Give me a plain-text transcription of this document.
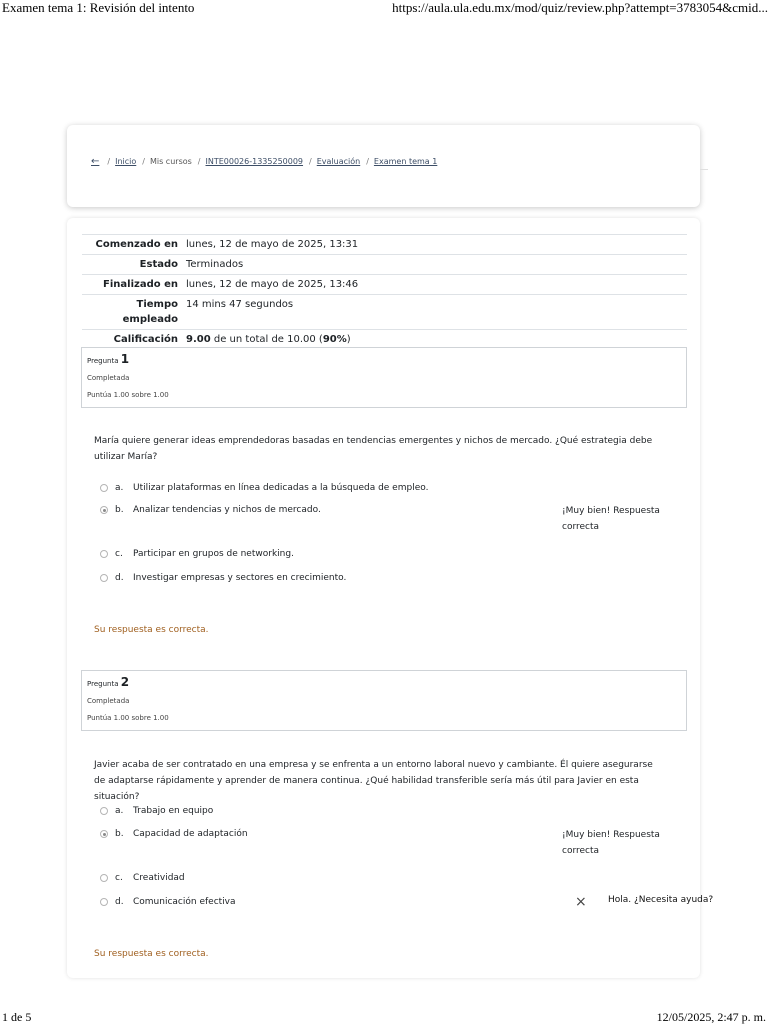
Examen tema 1: Revisión del intento	https://aula.ula.edu.mx/mod/quiz/review.php?attempt=3783054&cmid...
← / Inicio / Mis cursos / INTE00026-1335250009 / Evaluación / Examen tema 1
Comenzado en	lunes, 12 de mayo de 2025, 13:31
Estado	Terminados
Finalizado en	lunes, 12 de mayo de 2025, 13:46
Tiempo empleado	14 mins 47 segundos
Calificación	9.00 de un total de 10.00 (90%)
Pregunta 1
Completada
Puntúa 1.00 sobre 1.00
María quiere generar ideas emprendedoras basadas en tendencias emergentes y nichos de mercado. ¿Qué estrategia debe utilizar María?
a.	Utilizar plataformas en línea dedicadas a la búsqueda de empleo.
b.	Analizar tendencias y nichos de mercado.	¡Muy bien! Respuesta correcta
c.	Participar en grupos de networking.
d.	Investigar empresas y sectores en crecimiento.
Su respuesta es correcta.
Pregunta 2
Completada
Puntúa 1.00 sobre 1.00
Javier acaba de ser contratado en una empresa y se enfrenta a un entorno laboral nuevo y cambiante. Él quiere asegurarse de adaptarse rápidamente y aprender de manera continua. ¿Qué habilidad transferible sería más útil para Javier en esta situación?
a.	Trabajo en equipo
b.	Capacidad de adaptación	¡Muy bien! Respuesta correcta
c.	Creatividad
d.	Comunicación efectiva
Su respuesta es correcta.
× Hola. ¿Necesita ayuda?
1 de 5	12/05/2025, 2:47 p. m.
